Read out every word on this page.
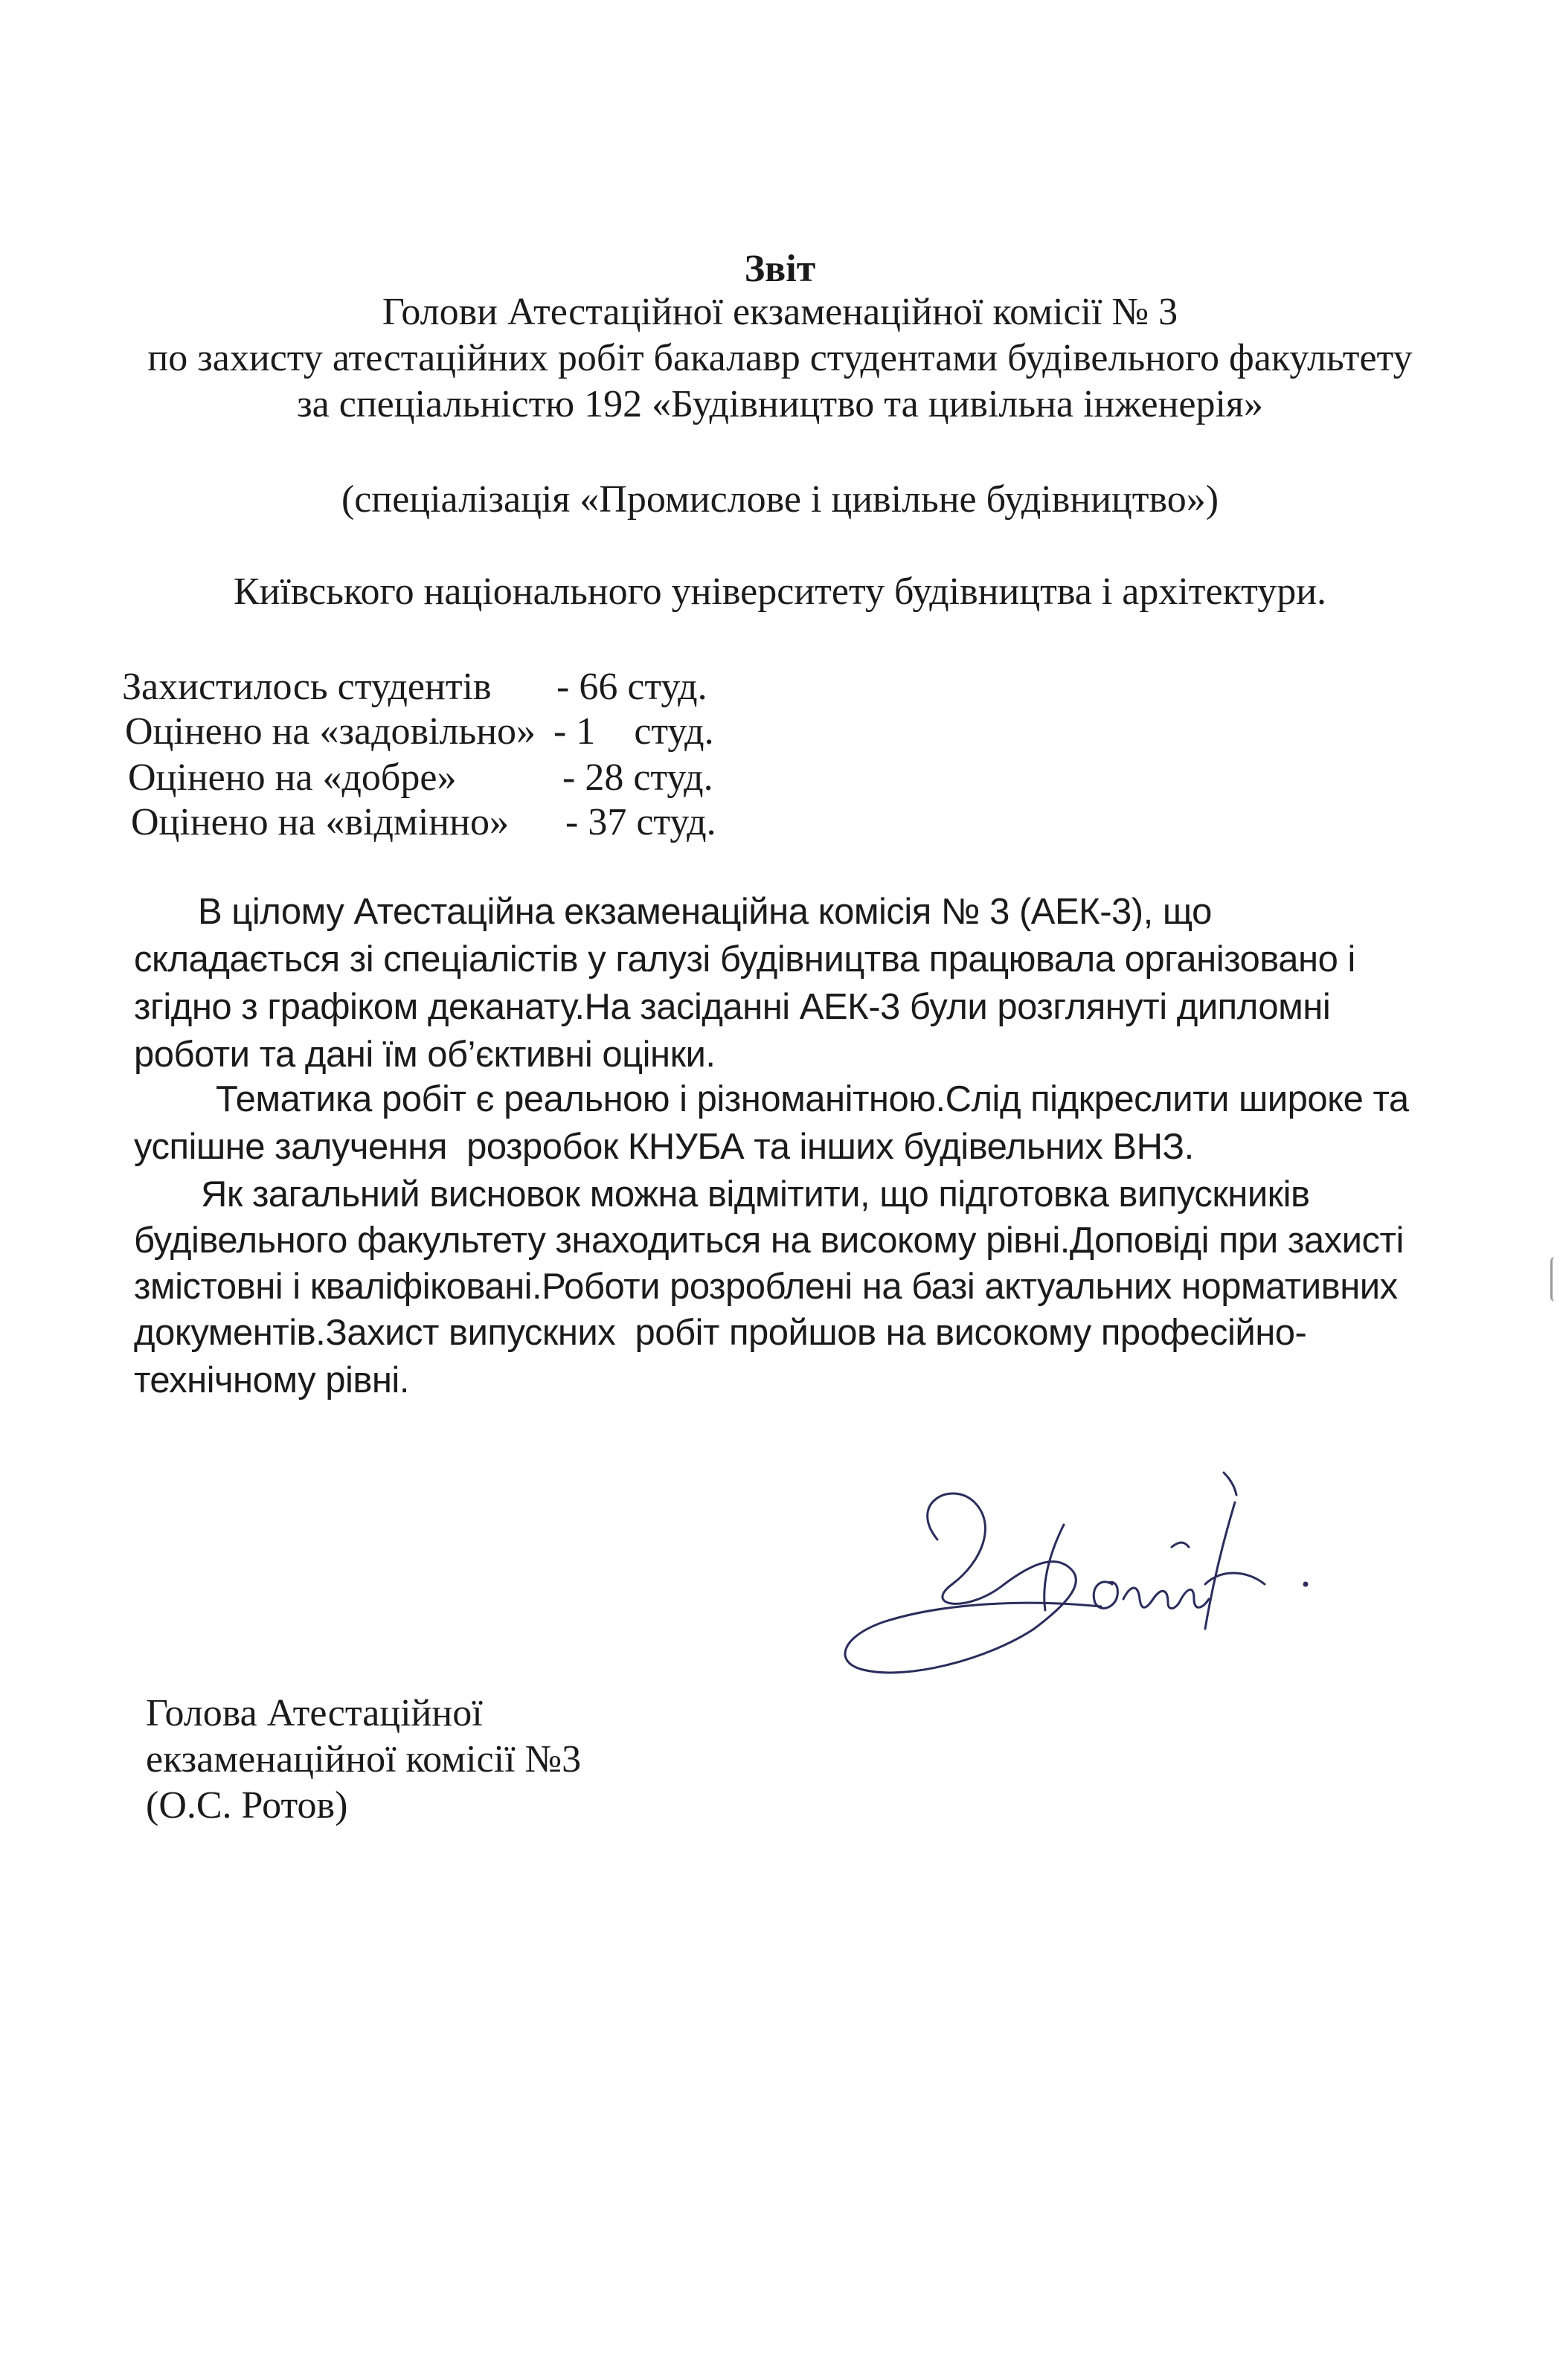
Звіт
Голови Атестаційної екзаменаційної комісії № 3
по захисту атестаційних робіт бакалавр студентами будівельного факультету
за спеціальністю 192 «Будівництво та цивільна інженерія»
(спеціалізація «Промислове і цивільне будівництво»)
Київського національного університету будівництва і архітектури.
Захистилось студентів - 66 студ.
Оцінено на «задовільно» - 1    студ.
Оцінено на «добре»	- 28 студ.
Оцінено на «відмінно» - 37 студ.
В цілому Атестаційна екзаменаційна комісія № 3 (АЕК-3), що
складається зі спеціалістів у галузі будівництва працювала організовано і
згідно з графіком деканату.На засіданні АЕК-3 були розглянуті дипломні
роботи та дані їм об’єктивні оцінки.
Тематика робіт є реальною і різноманітною.Слід підкреслити широке та
успішне залучення  розробок КНУБА та інших будівельних ВНЗ.
Як загальний висновок можна відмітити, що підготовка випускників
будівельного факультету знаходиться на високому рівні.Доповіді при захисті
змістовні і кваліфіковані.Роботи розроблені на базі актуальних нормативних
документів.Захист випускних  робіт пройшов на високому професійно-
технічному рівні.
Голова Атестаційної
екзаменаційної комісії №3
(О.С. Ротов)
